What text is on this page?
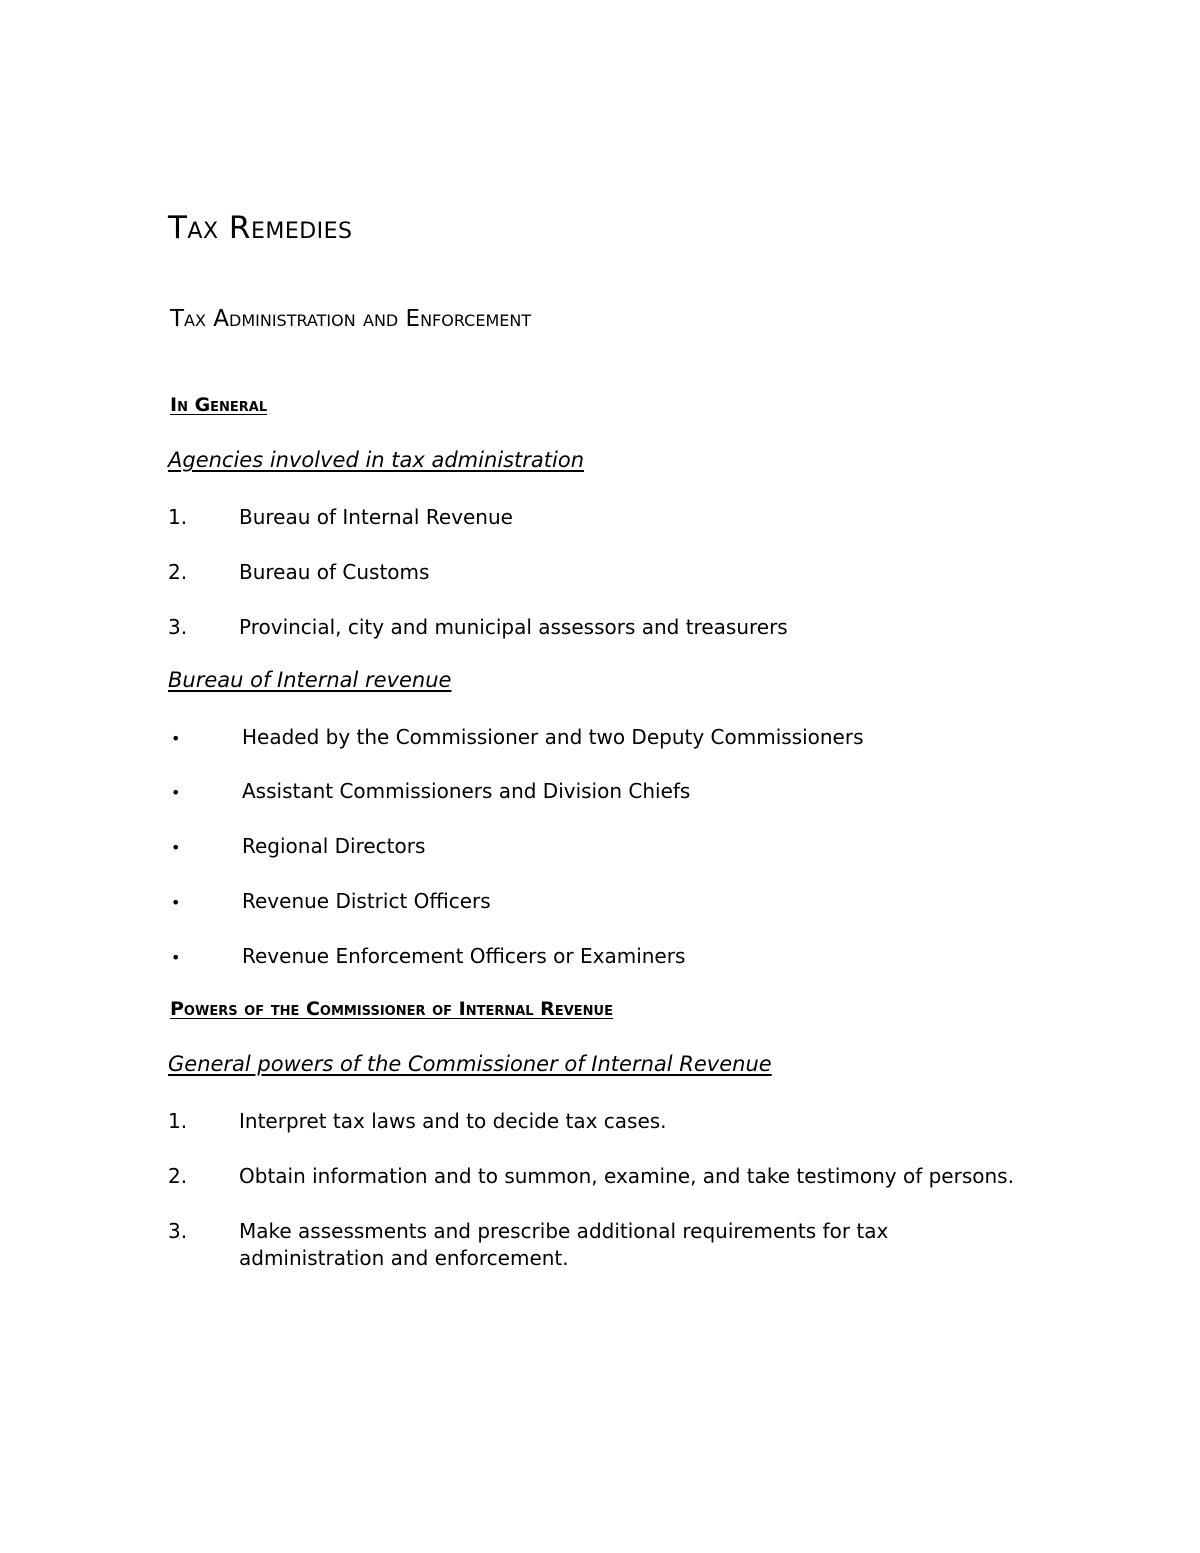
Tax Remedies
Tax Administration and Enforcement
In General
Agencies involved in tax administration
1.	Bureau of Internal Revenue
2.	Bureau of Customs
3.	Provincial, city and municipal assessors and treasurers
Bureau of Internal revenue
•	Headed by the Commissioner and two Deputy Commissioners
•	Assistant Commissioners and Division Chiefs
•	Regional Directors
•	Revenue District Officers
•	Revenue Enforcement Officers or Examiners
Powers of the Commissioner of Internal Revenue
General powers of the Commissioner of Internal Revenue
1.	Interpret tax laws and to decide tax cases.
2.	Obtain information and to summon, examine, and take testimony of persons.
3.	Make assessments and prescribe additional requirements for tax administration and enforcement.
